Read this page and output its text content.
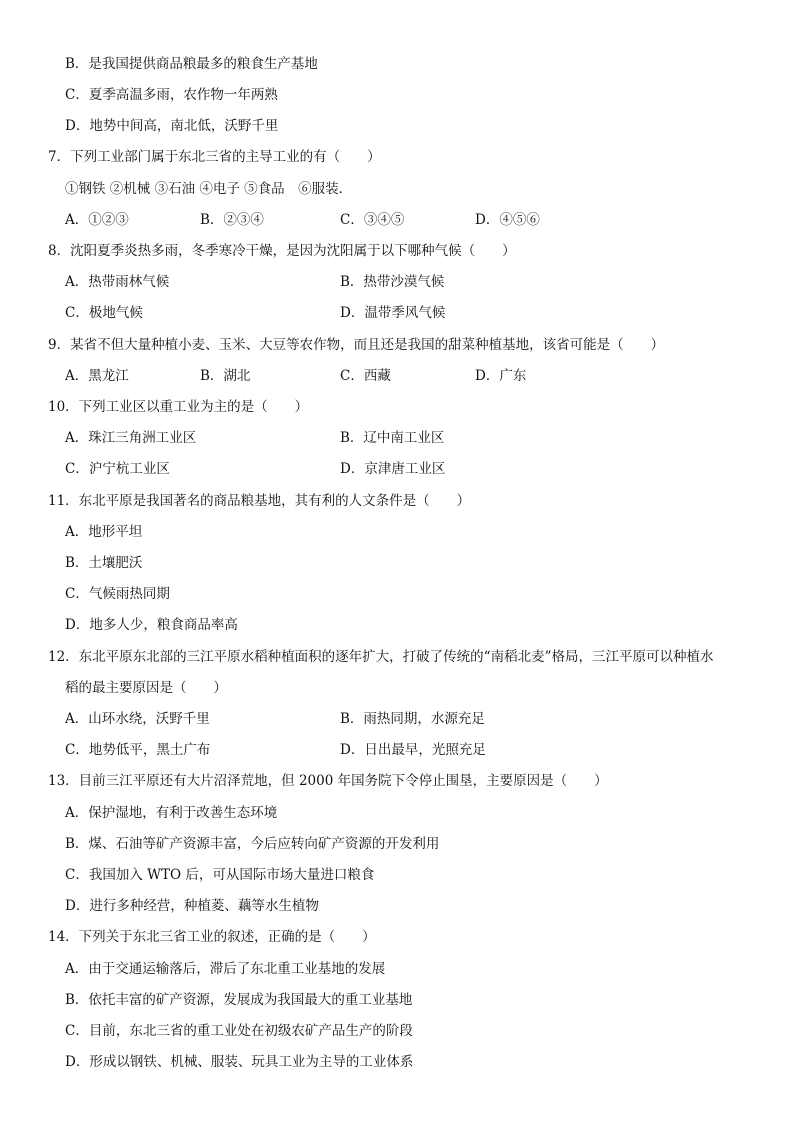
B．是我国提供商品粮最多的粮食生产基地
C．夏季高温多雨，农作物一年两熟
D．地势中间高，南北低，沃野千里
7．下列工业部门属于东北三省的主导工业的有（　　）
①钢铁 ②机械 ③石油 ④电子 ⑤食品　⑥服装．
A．①②③	B．②③④	C．③④⑤	D．④⑤⑥
8．沈阳夏季炎热多雨，冬季寒冷干燥，是因为沈阳属于以下哪种气候（　　）
A．热带雨林气候	B．热带沙漠气候
C．极地气候	D．温带季风气候
9．某省不但大量种植小麦、玉米、大豆等农作物，而且还是我国的甜菜种植基地，该省可能是（　　）
A．黑龙江	B．湖北	C．西藏	D．广东
10．下列工业区以重工业为主的是（　　）
A．珠江三角洲工业区	B．辽中南工业区
C．沪宁杭工业区	D．京津唐工业区
11．东北平原是我国著名的商品粮基地，其有利的人文条件是（　　）
A．地形平坦
B．土壤肥沃
C．气候雨热同期
D．地多人少，粮食商品率高
12．东北平原东北部的三江平原水稻种植面积的逐年扩大，打破了传统的“南稻北麦”格局，三江平原可以种植水
稻的最主要原因是（　　）
A．山环水绕，沃野千里	B．雨热同期，水源充足
C．地势低平，黑土广布	D．日出最早，光照充足
13．目前三江平原还有大片沼泽荒地，但 2000 年国务院下令停止围垦，主要原因是（　　）
A．保护湿地，有利于改善生态环境
B．煤、石油等矿产资源丰富，今后应转向矿产资源的开发利用
C．我国加入 WTO 后，可从国际市场大量进口粮食
D．进行多种经营，种植菱、藕等水生植物
14．下列关于东北三省工业的叙述，正确的是（　　）
A．由于交通运输落后，滞后了东北重工业基地的发展
B．依托丰富的矿产资源，发展成为我国最大的重工业基地
C．目前，东北三省的重工业处在初级农矿产品生产的阶段
D．形成以钢铁、机械、服装、玩具工业为主导的工业体系
